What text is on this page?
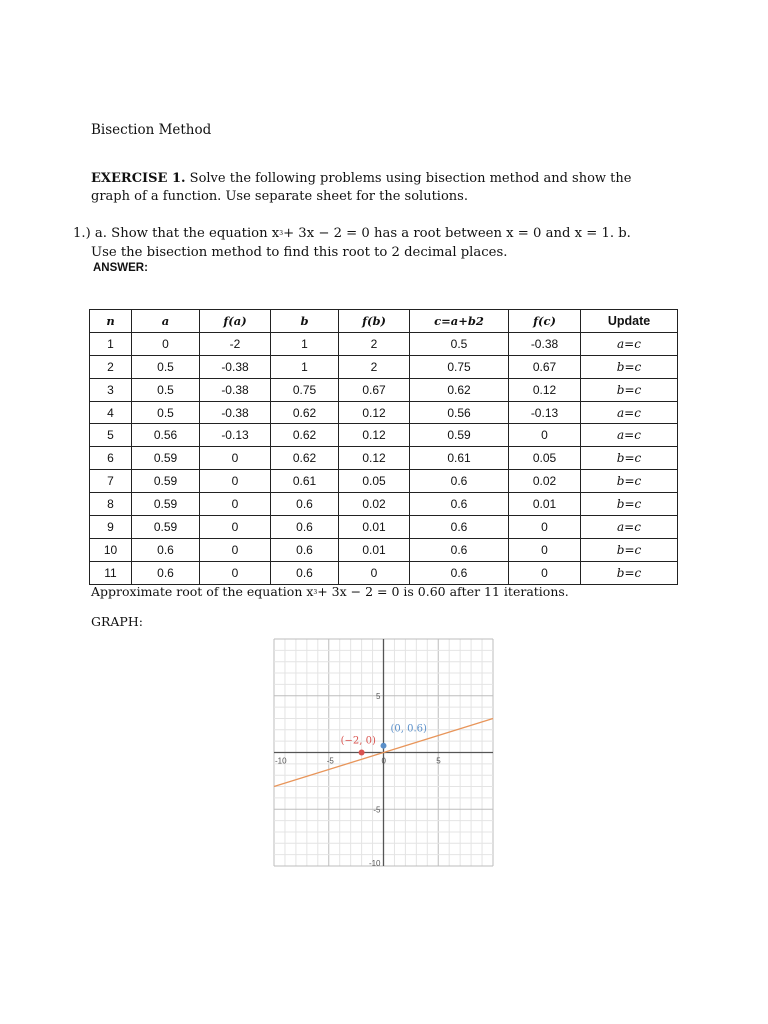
Bisection Method
EXERCISE 1. Solve the following problems using bisection method and show the graph of a function. Use separate sheet for the solutions.
1.) a. Show that the equation $x^3+ 3x - 2 = 0$ has a root between x = 0 and x = 1. b.
Use the bisection method to find this root to 2 decimal places.
ANSWER:
n	a	f(a)	b	f(b)	c=a+b2	f(c)	Update
1	0	-2	1	2	0.5	-0.38	a=c
2	0.5	-0.38	1	2	0.75	0.67	b=c
3	0.5	-0.38	0.75	0.67	0.62	0.12	b=c
4	0.5	-0.38	0.62	0.12	0.56	-0.13	a=c
5	0.56	-0.13	0.62	0.12	0.59	0	a=c
6	0.59	0	0.62	0.12	0.61	0.05	b=c
7	0.59	0	0.61	0.05	0.6	0.02	b=c
8	0.59	0	0.6	0.02	0.6	0.01	b=c
9	0.59	0	0.6	0.01	0.6	0	a=c
10	0.6	0	0.6	0.01	0.6	0	b=c
11	0.6	0	0.6	0	0.6	0	b=c
Approximate root of the equation $x^3+ 3x - 2 = 0$ is 0.60 after 11 iterations.
GRAPH:
-10	-5	0	5
5
-5
-10
(−2, 0)
(0, 0.6)
